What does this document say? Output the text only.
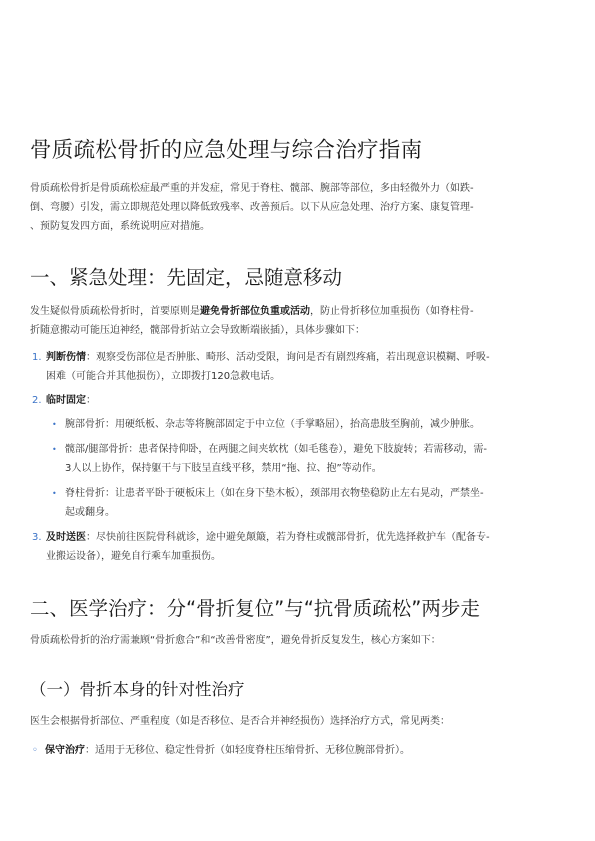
骨质疏松骨折的应急处理与综合治疗指南

骨质疏松骨折是骨质疏松症最严重的并发症，常见于脊柱、髋部、腕部等部位，多由轻微外力（如跌-
倒、弯腰）引发，需立即规范处理以降低致残率、改善预后。以下从应急处理、治疗方案、康复管理-
、预防复发四方面，系统说明应对措施。

一、紧急处理：先固定，忌随意移动

发生疑似骨质疏松骨折时，首要原则是避免骨折部位负重或活动，防止骨折移位加重损伤（如脊柱骨-
折随意搬动可能压迫神经，髋部骨折站立会导致断端嵌插），具体步骤如下：

1. 判断伤情：观察受伤部位是否肿胀、畸形、活动受限，询问是否有剧烈疼痛，若出现意识模糊、呼吸-
困难（可能合并其他损伤），立即拨打120急救电话。
2. 临时固定：
• 腕部骨折：用硬纸板、杂志等将腕部固定于中立位（手掌略屈），抬高患肢至胸前，减少肿胀。
• 髋部/腿部骨折：患者保持仰卧，在两腿之间夹软枕（如毛毯卷），避免下肢旋转；若需移动，需-
3人以上协作，保持躯干与下肢呈直线平移，禁用“拖、拉、抱”等动作。
• 脊柱骨折：让患者平卧于硬板床上（如在身下垫木板），颈部用衣物垫稳防止左右晃动，严禁坐-
起或翻身。
3. 及时送医：尽快前往医院骨科就诊，途中避免颠簸，若为脊柱或髋部骨折，优先选择救护车（配备专-
业搬运设备），避免自行乘车加重损伤。
二、医学治疗：分“骨折复位”与“抗骨质疏松”两步走

骨质疏松骨折的治疗需兼顾“骨折愈合”和“改善骨密度”，避免骨折反复发生，核心方案如下：

（一）骨折本身的针对性治疗

医生会根据骨折部位、严重程度（如是否移位、是否合并神经损伤）选择治疗方式，常见两类：

◦ 保守治疗：适用于无移位、稳定性骨折（如轻度脊柱压缩骨折、无移位腕部骨折）。
